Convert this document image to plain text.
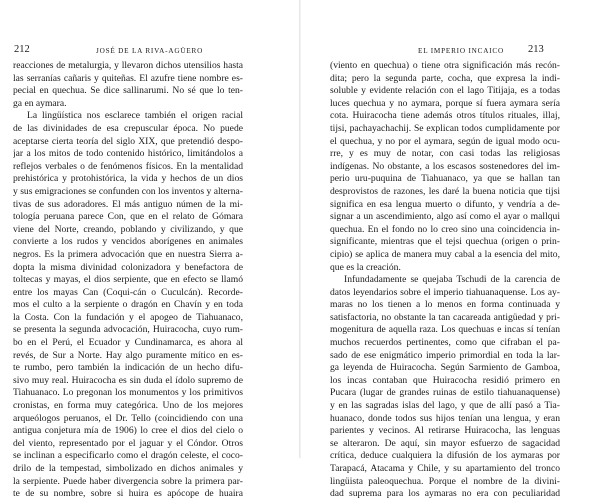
212	JOSÉ DE LA RIVA-AGÜERO
reacciones de metalurgia, y llevaron dichos utensilios hasta
las serranías cañaris y quiteñas. El azufre tiene nombre es-
pecial en quechua. Se dice sallinarumi. No sé que lo ten-
ga en aymara.
La lingüística nos esclarece también el origen racial
de las divinidades de esa crepuscular época. No puede
aceptarse cierta teoría del siglo XIX, que pretendió despo-
jar a los mitos de todo contenido histórico, limitándolos a
reflejos verbales o de fenómenos físicos. En la mentalidad
prehistórica y protohistórica, la vida y hechos de un dios
y sus emigraciones se confunden con los inventos y alterna-
tivas de sus adoradores. El más antiguo númen de la mi-
tología peruana parece Con, que en el relato de Gómara
viene del Norte, creando, poblando y civilizando, y que
convierte a los rudos y vencidos aborígenes en animales
negros. Es la primera advocación que en nuestra Sierra a-
dopta la misma divinidad colonizadora y benefactora de
toltecas y mayas, el dios serpiente, que en efecto se llamó
entre los mayas Can (Coqui-cán o Cuculcán). Recorde-
mos el culto a la serpiente o dragón en Chavín y en toda
la Costa. Con la fundación y el apogeo de Tiahuanaco,
se presenta la segunda advocación, Huiracocha, cuyo rum-
bo en el Perú, el Ecuador y Cundinamarca, es ahora al
revés, de Sur a Norte. Hay algo puramente mítico en es-
te rumbo, pero también la indicación de un hecho difu-
sivo muy real. Huiracocha es sin duda el ídolo supremo de
Tiahuanaco. Lo pregonan los monumentos y los primitivos
cronistas, en forma muy categórica. Uno de los mejores
arqueólogos peruanos, el Dr. Tello (coincidiendo con una
antigua conjetura mía de 1906) lo cree el dios del cielo o
del viento, representado por el jaguar y el Cóndor. Otros
se inclinan a especificarlo como el dragón celeste, el coco-
drilo de la tempestad, simbolizado en dichos animales y
la serpiente. Puede haber divergencia sobre la primera par-
te de su nombre, sobre si huira es apócope de huaira
EL IMPERIO INCAICO 213
(viento en quechua) o tiene otra significación más recón-
dita; pero la segunda parte, cocha, que expresa la indi-
soluble y evidente relación con el lago Titijaja, es a todas
luces quechua y no aymara, porque sí fuera aymara sería
cota. Huiracocha tiene además otros títulos rituales, illaj,
tijsi, pachayachachij. Se explican todos cumplidamente por
el quechua, y no por el aymara, según de igual modo ocu-
rre, y es muy de notar, con casi todas las religiosas
indígenas. No obstante, a los escasos sostenedores del im-
perio uru-puquina de Tiahuanaco, ya que se hallan tan
desprovistos de razones, les daré la buena noticia que tijsi
significa en esa lengua muerto o difunto, y vendría a de-
signar a un ascendimiento, algo así como el ayar o mallqui
quechua. En el fondo no lo creo sino una coincidencia in-
significante, mientras que el tejsi quechua (origen o prin-
cipio) se aplica de manera muy cabal a la esencia del mito,
que es la creación.
Infundadamente se quejaba Tschudi de la carencia de
datos leyendarios sobre el imperio tiahuanaquense. Los ay-
maras no los tienen a lo menos en forma continuada y
satisfactoria, no obstante la tan cacareada antigüedad y pri-
mogenitura de aquella raza. Los quechuas e incas sí tenían
muchos recuerdos pertinentes, como que cifraban el pa-
sado de ese enigmático imperio primordial en toda la lar-
ga leyenda de Huiracocha. Según Sarmiento de Gamboa,
los incas contaban que Huiracocha residió primero en
Pucara (lugar de grandes ruinas de estilo tiahuanaquense)
y en las sagradas islas del lago, y que de allí pasó a Tia-
huanaco, donde todos sus hijos tenían una lengua, y eran
parientes y vecinos. Al retirarse Huiracocha, las lenguas
se alteraron. De aquí, sin mayor esfuerzo de sagacidad
crítica, deduce cualquiera la difusión de los aymaras por
Tarapacá, Atacama y Chile, y su apartamiento del tronco
lingüista paleoquechua. Porque el nombre de la divini-
dad suprema para los aymaras no era con peculiaridad
